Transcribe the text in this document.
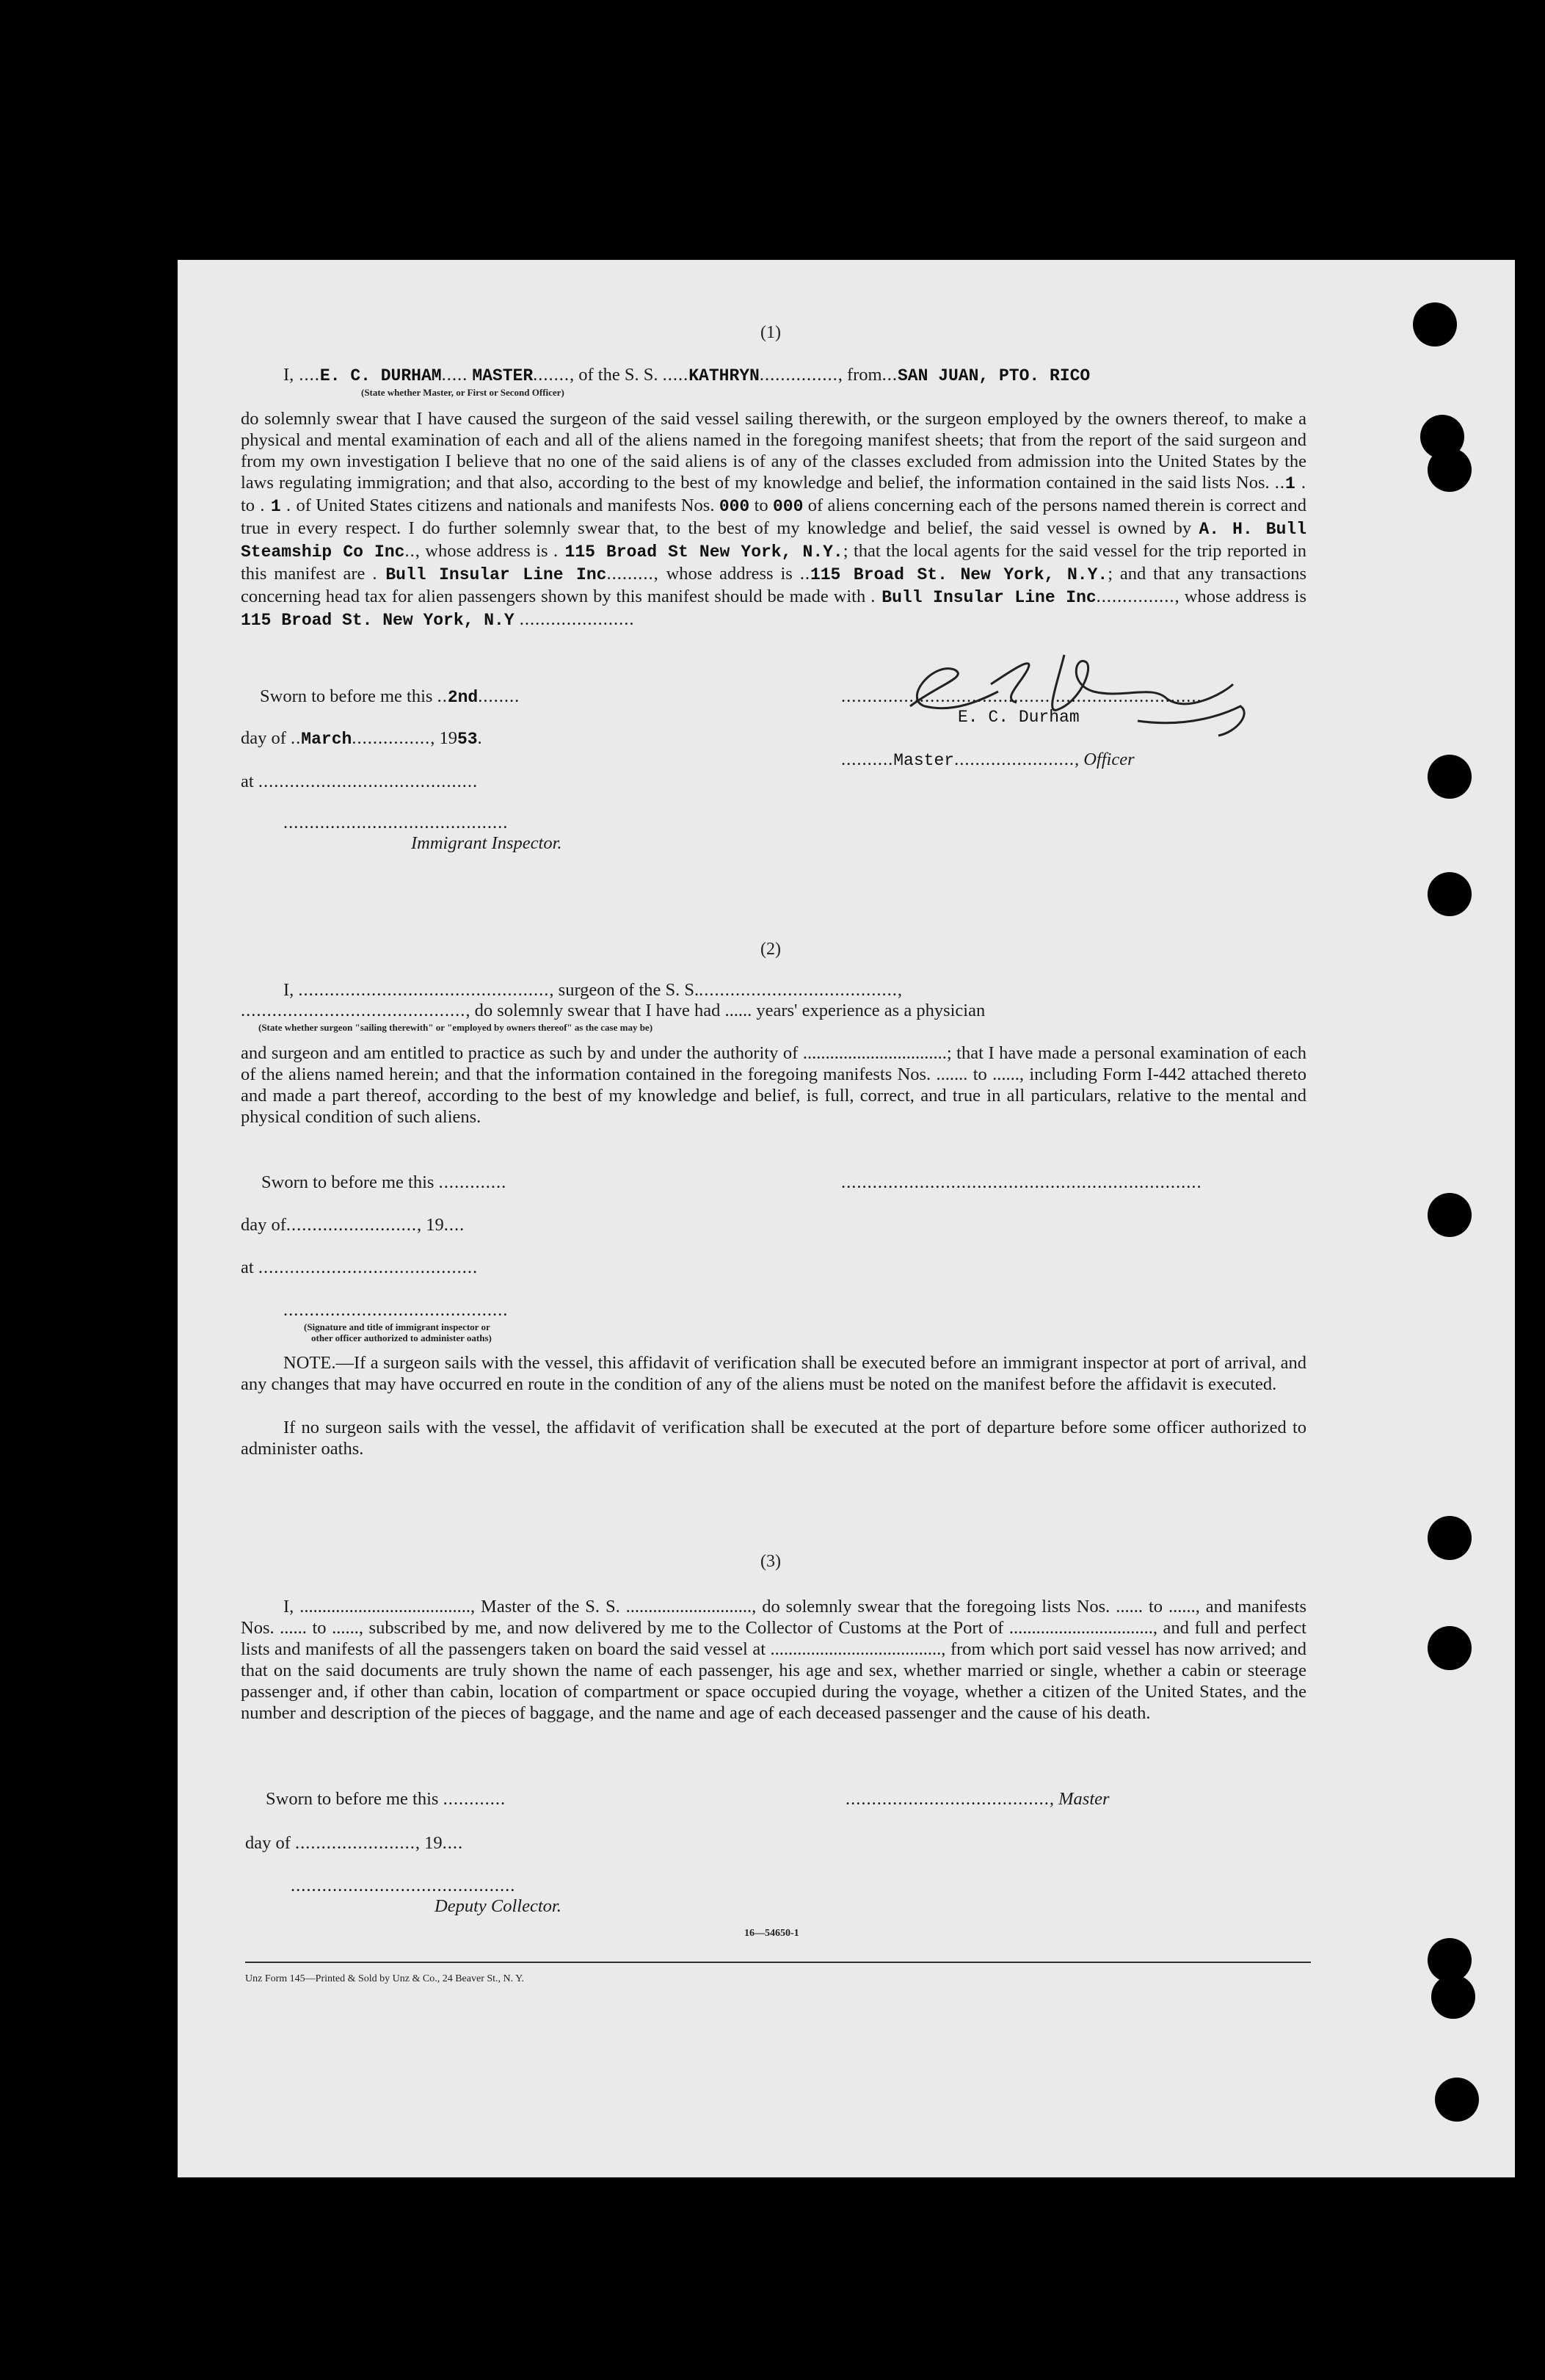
(1)
I, ....E. C. DURHAM..... MASTER......., of the S. S. .....KATHRYN..............., from...SAN JUAN, PTO. RICO
(State whether Master, or First or Second Officer)
do solemnly swear that I have caused the surgeon of the said vessel sailing therewith, or the surgeon employed by the owners thereof, to make a physical and mental examination of each and all of the aliens named in the foregoing manifest sheets; that from the report of the said surgeon and from my own investigation I believe that no one of the said aliens is of any of the classes excluded from admission into the United States by the laws regulating immigration; and that also, according to the best of my knowledge and belief, the information contained in the said lists Nos. ..1 . to . 1 . of United States citizens and nationals and manifests Nos. 000 to 000 of aliens concerning each of the persons named therein is correct and true in every respect. I do further solemnly swear that, to the best of my knowledge and belief, the said vessel is owned by A. H. Bull Steamship Co Inc.., whose address is . 115 Broad St New York, N.Y.; that the local agents for the said vessel for the trip reported in this manifest are . Bull Insular Line Inc........., whose address is ..115 Broad St. New York, N.Y.; and that any transactions concerning head tax for alien passengers shown by this manifest should be made with . Bull Insular Line Inc..............., whose address is 115 Broad St. New York, N.Y ......................
Sworn to before me this ..2nd........
day of ..March..............., 1953.
at ..........................................
...........................................
Immigrant Inspector.
.....................................................................
E. C. Durham
..........Master......................., Officer
(2)
I, ................................................, surgeon of the S. S.......................................,
..........................................., do solemnly swear that I have had ...... years' experience as a physician
(State whether surgeon "sailing therewith" or "employed by owners thereof" as the case may be)
and surgeon and am entitled to practice as such by and under the authority of ................................; that I have made a personal examination of each of the aliens named herein; and that the information contained in the foregoing manifests Nos. ....... to ......, including Form I-442 attached thereto and made a part thereof, according to the best of my knowledge and belief, is full, correct, and true in all particulars, relative to the mental and physical condition of such aliens.
Sworn to before me this .............	.....................................................................
day of........................., 19....
at ..........................................
...........................................
(Signature and title of immigrant inspector or
other officer authorized to administer oaths)
NOTE.—If a surgeon sails with the vessel, this affidavit of verification shall be executed before an immigrant inspector at port of arrival, and any changes that may have occurred en route in the condition of any of the aliens must be noted on the manifest before the affidavit is executed.
If no surgeon sails with the vessel, the affidavit of verification shall be executed at the port of departure before some officer authorized to administer oaths.
(3)
I, ......................................, Master of the S. S. ............................, do solemnly swear that the foregoing lists Nos. ...... to ......, and manifests Nos. ...... to ......, subscribed by me, and now delivered by me to the Collector of Customs at the Port of ................................, and full and perfect lists and manifests of all the passengers taken on board the said vessel at ......................................, from which port said vessel has now arrived; and that on the said documents are truly shown the name of each passenger, his age and sex, whether married or single, whether a cabin or steerage passenger and, if other than cabin, location of compartment or space occupied during the voyage, whether a citizen of the United States, and the number and description of the pieces of baggage, and the name and age of each deceased passenger and the cause of his death.
Sworn to before me this ............	......................................., Master
day of ......................., 19....
...........................................
Deputy Collector.
16—54650-1
Unz Form 145—Printed & Sold by Unz & Co., 24 Beaver St., N. Y.
